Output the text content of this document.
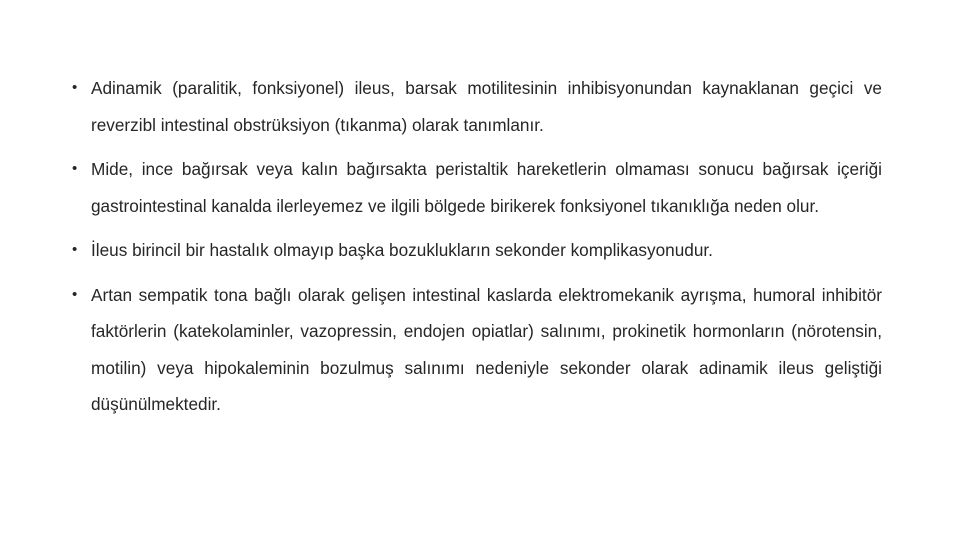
• Adinamik (paralitik, fonksiyonel) ileus, barsak motilitesinin inhibisyonundan kaynaklanan geçici ve reverzibl intestinal obstrüksiyon (tıkanma) olarak tanımlanır.
• Mide, ince bağırsak veya kalın bağırsakta peristaltik hareketlerin olmaması sonucu bağırsak içeriği gastrointestinal kanalda ilerleyemez ve ilgili bölgede birikerek fonksiyonel tıkanıklığa neden olur.
• İleus birincil bir hastalık olmayıp başka bozuklukların sekonder komplikasyonudur.
• Artan sempatik tona bağlı olarak gelişen intestinal kaslarda elektromekanik ayrışma, humoral inhibitör faktörlerin (katekolaminler, vazopressin, endojen opiatlar) salınımı, prokinetik hormonların (nörotensin, motilin) veya hipokaleminin bozulmuş salınımı nedeniyle sekonder olarak adinamik ileus geliştiği düşünülmektedir.
